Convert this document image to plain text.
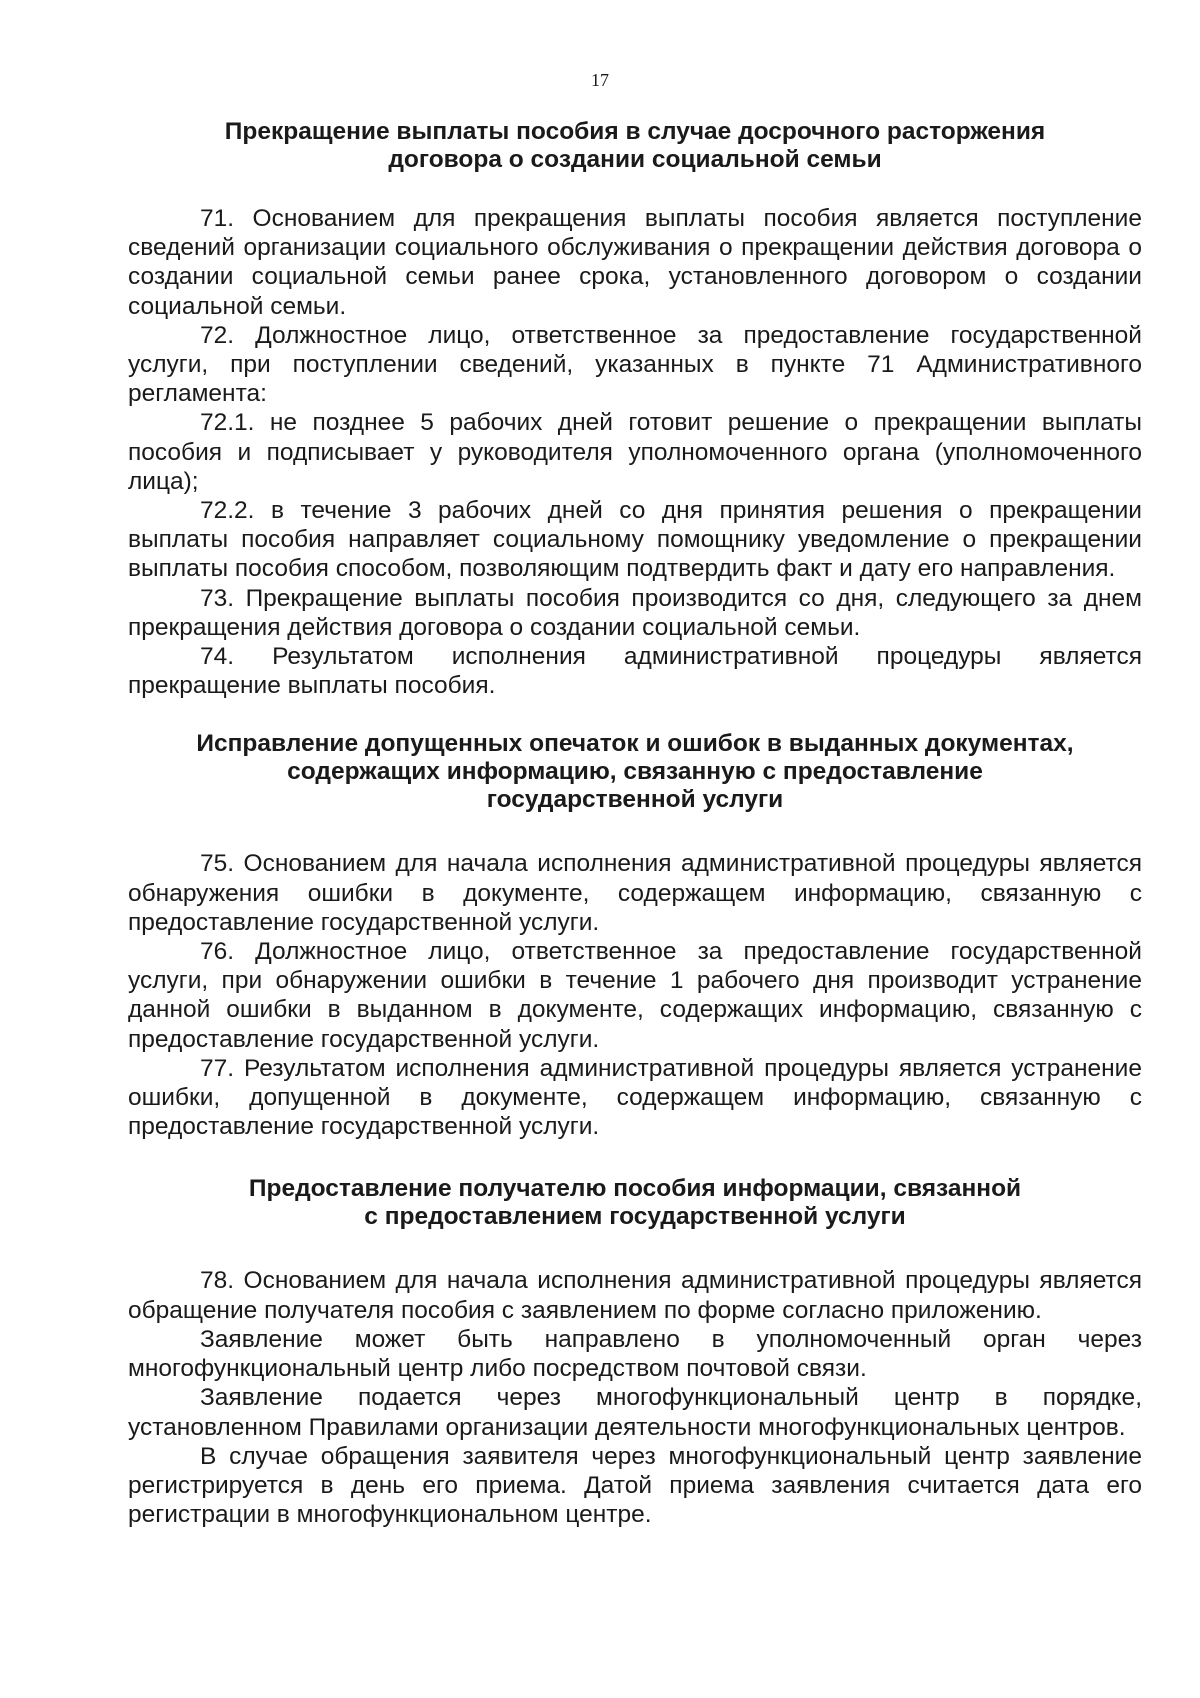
17
Прекращение выплаты пособия в случае досрочного расторжения
договора о создании социальной семьи

71. Основанием для прекращения выплаты пособия является поступление сведений организации социального обслуживания о прекращении действия договора о создании социальной семьи ранее срока, установленного договором о создании социальной семьи.

72. Должностное лицо, ответственное за предоставление государственной услуги, при поступлении сведений, указанных в пункте 71 Административного регламента:

72.1. не позднее 5 рабочих дней готовит решение о прекращении выплаты пособия и подписывает у руководителя уполномоченного органа (уполномоченного лица);

72.2. в течение 3 рабочих дней со дня принятия решения о прекращении выплаты пособия направляет социальному помощнику уведомление о прекращении выплаты пособия способом, позволяющим подтвердить факт и дату его направления.

73. Прекращение выплаты пособия производится со дня, следующего за днем прекращения действия договора о создании социальной семьи.

74. Результатом исполнения административной процедуры является прекращение выплаты пособия.

Исправление допущенных опечаток и ошибок в выданных документах,
содержащих информацию, связанную с предоставление
государственной услуги

75. Основанием для начала исполнения административной процедуры является обнаружения ошибки в документе, содержащем информацию, связанную с предоставление государственной услуги.

76. Должностное лицо, ответственное за предоставление государственной услуги, при обнаружении ошибки в течение 1 рабочего дня производит устранение данной ошибки в выданном в документе, содержащих информацию, связанную с предоставление государственной услуги.

77. Результатом исполнения административной процедуры является устранение ошибки, допущенной в документе, содержащем информацию, связанную с предоставление государственной услуги.

Предоставление получателю пособия информации, связанной
с предоставлением государственной услуги

78. Основанием для начала исполнения административной процедуры является обращение получателя пособия с заявлением по форме согласно приложению.

Заявление может быть направлено в уполномоченный орган через многофункциональный центр либо посредством почтовой связи.

Заявление подается через многофункциональный центр в порядке, установленном Правилами организации деятельности многофункциональных центров.

В случае обращения заявителя через многофункциональный центр заявление регистрируется в день его приема. Датой приема заявления считается дата его регистрации в многофункциональном центре.
